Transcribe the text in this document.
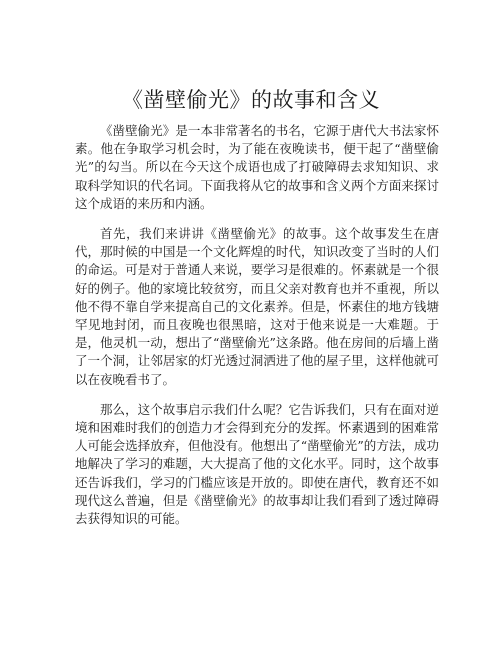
《凿壁偷光》的故事和含义

《凿壁偷光》是一本非常著名的书名，它源于唐代大书法家怀素。他在争取学习机会时，为了能在夜晚读书，便干起了“凿壁偷光”的勾当。所以在今天这个成语也成了打破障碍去求知知识、求取科学知识的代名词。下面我将从它的故事和含义两个方面来探讨这个成语的来历和内涵。

首先，我们来讲讲《凿壁偷光》的故事。这个故事发生在唐代，那时候的中国是一个文化辉煌的时代，知识改变了当时的人们的命运。可是对于普通人来说，要学习是很难的。怀素就是一个很好的例子。他的家境比较贫穷，而且父亲对教育也并不重视，所以他不得不靠自学来提高自己的文化素养。但是，怀素住的地方钱塘罕见地封闭，而且夜晚也很黑暗，这对于他来说是一大难题。于是，他灵机一动，想出了“凿壁偷光”这条路。他在房间的后墙上凿了一个洞，让邻居家的灯光透过洞洒进了他的屋子里，这样他就可以在夜晚看书了。

那么，这个故事启示我们什么呢？它告诉我们，只有在面对逆境和困难时我们的创造力才会得到充分的发挥。怀素遇到的困难常人可能会选择放弃，但他没有。他想出了“凿壁偷光”的方法，成功地解决了学习的难题，大大提高了他的文化水平。同时，这个故事还告诉我们，学习的门槛应该是开放的。即使在唐代，教育还不如现代这么普遍，但是《凿壁偷光》的故事却让我们看到了透过障碍去获得知识的可能。
